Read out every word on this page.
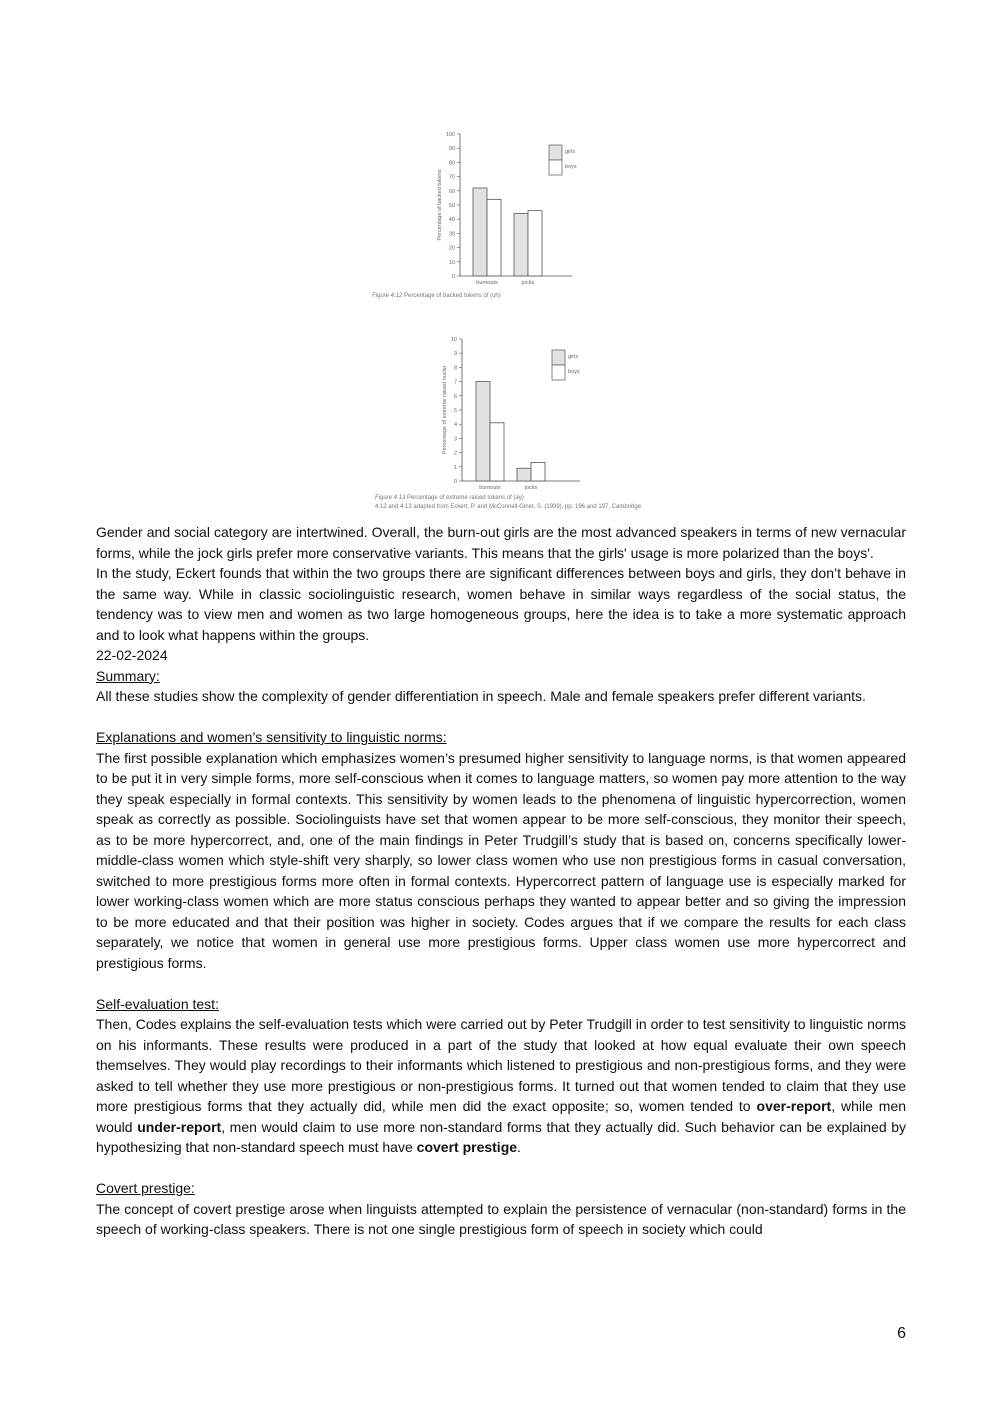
0
10
20
30
40
50
60
70
80
90
100
Percentage of backed tokens
burnouts	jocks
girls
boys
Figure 4.12 Percentage of backed tokens of (uh)
0
1
2
3
4
5
6
7
8
9
10
Percentage of extreme raised nuclei
burnouts	jocks
girls
boys
Figure 4.13 Percentage of extreme raised tokens of (ay)
4.12 and 4.13 adapted from Eckert, P. and McConnell-Ginet, S. (1999), pp. 196 and 197, Cambridge

Gender and social category are intertwined. Overall, the burn-out girls are the most advanced speakers in terms of new vernacular forms, while the jock girls prefer more conservative variants. This means that the girls' usage is more polarized than the boys'.

In the study, Eckert founds that within the two groups there are significant differences between boys and girls, they don’t behave in the same way. While in classic sociolinguistic research, women behave in similar ways regardless of the social status, the tendency was to view men and women as two large homogeneous groups, here the idea is to take a more systematic approach and to look what happens within the groups.

22-02-2024

Summary:

All these studies show the complexity of gender differentiation in speech. Male and female speakers prefer different variants.

Explanations and women’s sensitivity to linguistic norms:

The first possible explanation which emphasizes women’s presumed higher sensitivity to language norms, is that women appeared to be put it in very simple forms, more self-conscious when it comes to language matters, so women pay more attention to the way they speak especially in formal contexts. This sensitivity by women leads to the phenomena of linguistic hypercorrection, women speak as correctly as possible. Sociolinguists have set that women appear to be more self-conscious, they monitor their speech, as to be more hypercorrect, and, one of the main findings in Peter Trudgill’s study that is based on, concerns specifically lower-middle-class women which style-shift very sharply, so lower class women who use non prestigious forms in casual conversation, switched to more prestigious forms more often in formal contexts. Hypercorrect pattern of language use is especially marked for lower working-class women which are more status conscious perhaps they wanted to appear better and so giving the impression to be more educated and that their position was higher in society. Codes argues that if we compare the results for each class separately, we notice that women in general use more prestigious forms. Upper class women use more hypercorrect and prestigious forms.

Self-evaluation test:

Then, Codes explains the self-evaluation tests which were carried out by Peter Trudgill in order to test sensitivity to linguistic norms on his informants. These results were produced in a part of the study that looked at how equal evaluate their own speech themselves. They would play recordings to their informants which listened to prestigious and non-prestigious forms, and they were asked to tell whether they use more prestigious or non-prestigious forms. It turned out that women tended to claim that they use more prestigious forms that they actually did, while men did the exact opposite; so, women tended to over-report, while men would under-report, men would claim to use more non-standard forms that they actually did. Such behavior can be explained by hypothesizing that non-standard speech must have covert prestige.

Covert prestige:

The concept of covert prestige arose when linguists attempted to explain the persistence of vernacular (non-standard) forms in the speech of working-class speakers. There is not one single prestigious form of speech in society which could

6
